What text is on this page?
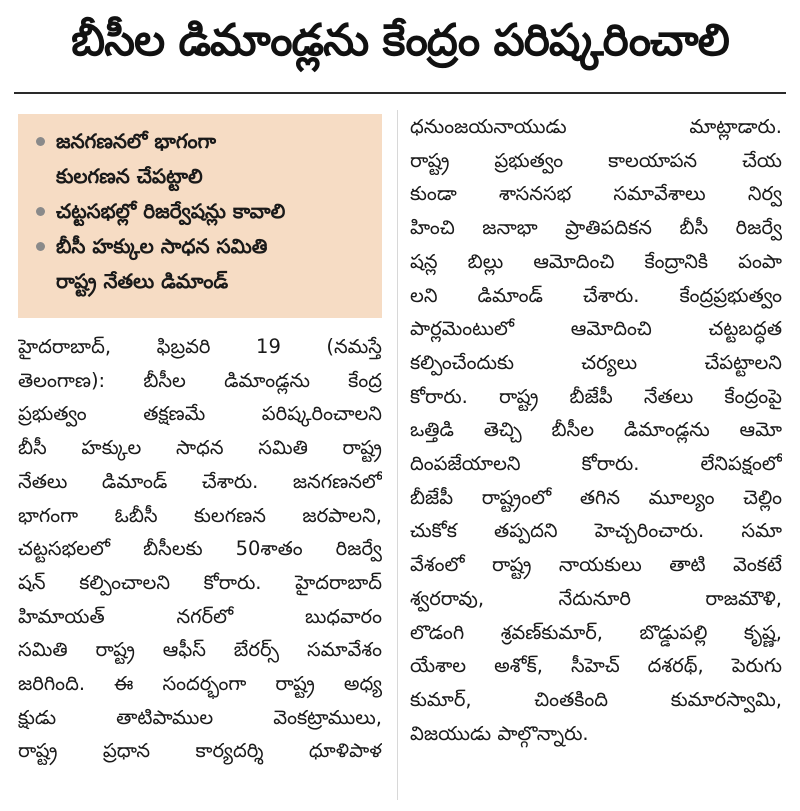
బీసీల డిమాండ్లను కేంద్రం పరిష్కరించాలి
జనగణనలో భాగంగా
కులగణన చేపట్టాలి
చట్టసభల్లో రిజర్వేషన్లు కావాలి
బీసీ హక్కుల సాధన సమితి
రాష్ట్ర నేతలు డిమాండ్
హైదరాబాద్, ఫిబ్రవరి 19 (నమస్తే
తెలంగాణ): బీసీల డిమాండ్లను కేంద్ర
ప్రభుత్వం తక్షణమే పరిష్కరించాలని
బీసీ హక్కుల సాధన సమితి రాష్ట్ర
నేతలు డిమాండ్ చేశారు. జనగణనలో
భాగంగా ఓబీసీ కులగణన జరపాలని,
చట్టసభలలో బీసీలకు 50శాతం రిజర్వే
షన్ కల్పించాలని కోరారు. హైదరాబాద్
హిమాయత్ నగర్‌లో బుధవారం
సమితి రాష్ట్ర ఆఫీస్ బేరర్స్ సమావేశం
జరిగింది. ఈ సందర్భంగా రాష్ట్ర అధ్య
క్షుడు తాటిపాముల వెంకట్రాములు,
రాష్ట్ర ప్రధాన కార్యదర్శి ధూళిపాళ
ధనుంజయనాయుడు మాట్లాడారు.
రాష్ట్ర ప్రభుత్వం కాలయాపన చేయ
కుండా శాసనసభ సమావేశాలు నిర్వ
హించి జనాభా ప్రాతిపదికన బీసీ రిజర్వే
షన్ల బిల్లు ఆమోదించి కేంద్రానికి పంపా
లని డిమాండ్ చేశారు. కేంద్రప్రభుత్వం
పార్లమెంటులో ఆమోదించి చట్టబద్ధత
కల్పించేందుకు చర్యలు చేపట్టాలని
కోరారు. రాష్ట్ర బీజేపీ నేతలు కేంద్రంపై
ఒత్తిడి తెచ్చి బీసీల డిమాండ్లను ఆమో
దింపజేయాలని కోరారు. లేనిపక్షంలో
బీజేపీ రాష్ట్రంలో తగిన మూల్యం చెల్లిం
చుకోక తప్పదని హెచ్చరించారు. సమా
వేశంలో రాష్ట్ర నాయకులు తాటి వెంకటే
శ్వరరావు, నేదునూరి రాజమౌళి,
లొడంగి శ్రవణ్‌కుమార్, బొడ్డుపల్లి కృష్ణ,
యేశాల అశోక్, సీహెచ్ దశరథ్, పెరుగు
కుమార్, చింతకింది కుమారస్వామి,
విజయుడు పాల్గొన్నారు.
